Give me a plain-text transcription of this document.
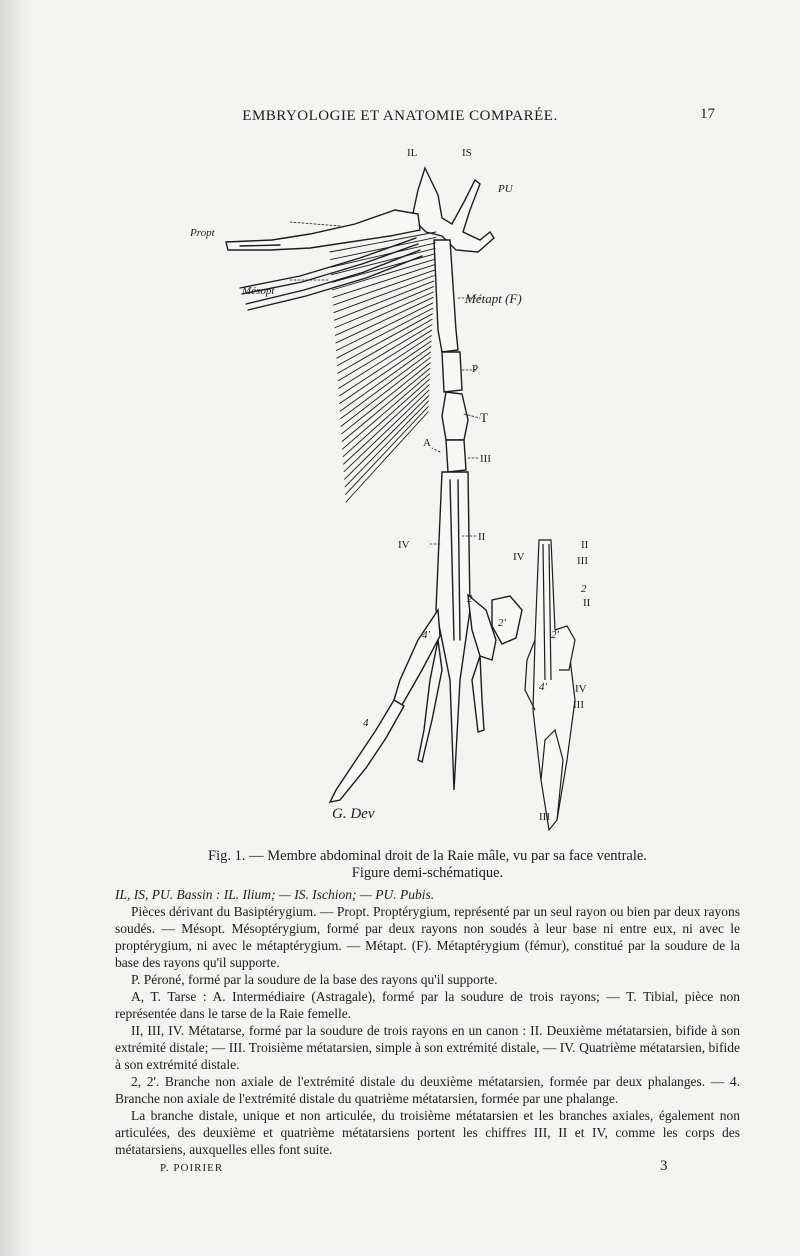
EMBRYOLOGIE ET ANATOMIE COMPARÉE.	17
IL	IS
PU
Propt
Mésopt	Métapt (F)
P
T
A
III
IV
II
2
2'
4'
4
G. Dev
IV
II
III
2
II
2'
IV
III
4'
III
Fig. 1. — Membre abdominal droit de la Raie mâle, vu par sa face ventrale.
Figure demi-schématique.

IL, IS, PU. Bassin : IL. Ilium; — IS. Ischion; — PU. Pubis.

Pièces dérivant du Basiptérygium. — Propt. Proptérygium, représenté par un seul rayon ou bien par deux rayons soudés. — Mésopt. Mésoptérygium, formé par deux rayons non soudés à leur base ni entre eux, ni avec le proptérygium, ni avec le métaptérygium. — Métapt. (F). Métaptérygium (fémur), constitué par la soudure de la base des rayons qu'il supporte.

P. Péroné, formé par la soudure de la base des rayons qu'il supporte.

A, T. Tarse : A. Intermédiaire (Astragale), formé par la soudure de trois rayons; — T. Tibial, pièce non représentée dans le tarse de la Raie femelle.

II, III, IV. Métatarse, formé par la soudure de trois rayons en un canon : II. Deuxième métatarsien, bifide à son extrémité distale; — III. Troisième métatarsien, simple à son extrémité distale, — IV. Quatrième métatarsien, bifide à son extrémité distale.

2, 2'. Branche non axiale de l'extrémité distale du deuxième métatarsien, formée par deux phalanges. — 4. Branche non axiale de l'extrémité distale du quatrième métatarsien, formée par une phalange.

La branche distale, unique et non articulée, du troisième métatarsien et les branches axiales, également non articulées, des deuxième et quatrième métatarsiens portent les chiffres III, II et IV, comme les corps des métatarsiens, auxquelles elles font suite.

P. POIRIER	3
